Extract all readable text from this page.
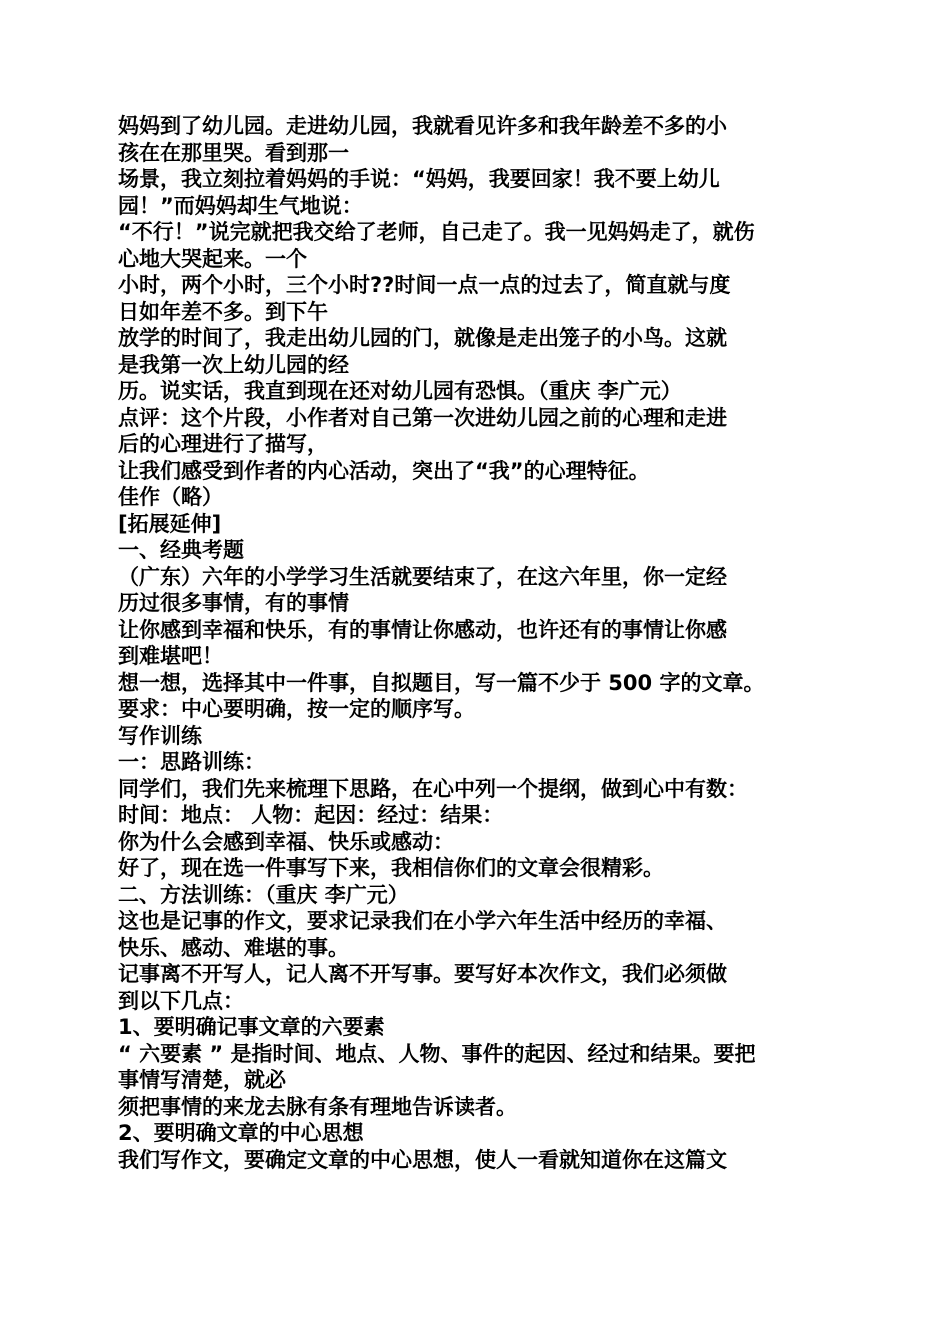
妈妈到了幼儿园。走进幼儿园，我就看见许多和我年龄差不多的小
孩在在那里哭。看到那一
场景，我立刻拉着妈妈的手说：“妈妈，我要回家！我不要上幼儿
园！”而妈妈却生气地说：
“不行！”说完就把我交给了老师，自己走了。我一见妈妈走了，就伤
心地大哭起来。一个
小时，两个小时，三个小时??时间一点一点的过去了，简直就与度
日如年差不多。到下午
放学的时间了，我走出幼儿园的门，就像是走出笼子的小鸟。这就
是我第一次上幼儿园的经
历。说实话，我直到现在还对幼儿园有恐惧。（重庆 李广元）
点评：这个片段，小作者对自己第一次进幼儿园之前的心理和走进
后的心理进行了描写，
让我们感受到作者的内心活动，突出了“我”的心理特征。
佳作（略）
[拓展延伸]
一、经典考题
（广东）六年的小学学习生活就要结束了，在这六年里，你一定经
历过很多事情，有的事情
让你感到幸福和快乐，有的事情让你感动，也许还有的事情让你感
到难堪吧！
想一想，选择其中一件事，自拟题目，写一篇不少于 500 字的文章。
要求：中心要明确，按一定的顺序写。
写作训练
一：思路训练：
同学们，我们先来梳理下思路，在心中列一个提纲，做到心中有数：
时间：地点： 人物：起因：经过：结果：
你为什么会感到幸福、快乐或感动：
好了，现在选一件事写下来，我相信你们的文章会很精彩。
二、方法训练：（重庆 李广元）
这也是记事的作文，要求记录我们在小学六年生活中经历的幸福、
快乐、感动、难堪的事。
记事离不开写人，记人离不开写事。要写好本次作文，我们必须做
到以下几点：
1、要明确记事文章的六要素
“ 六要素 ” 是指时间、地点、人物、事件的起因、经过和结果。要把
事情写清楚，就必
须把事情的来龙去脉有条有理地告诉读者。
2、要明确文章的中心思想
我们写作文，要确定文章的中心思想，使人一看就知道你在这篇文
